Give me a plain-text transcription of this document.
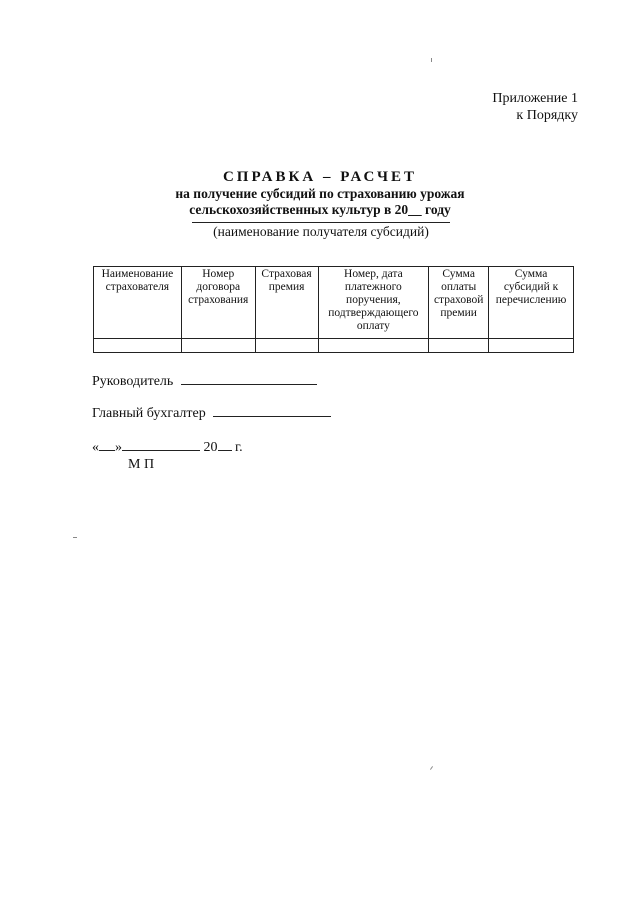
Приложение 1
к Порядку
СПРАВКА – РАСЧЕТ
на получение субсидий по страхованию урожая
сельскохозяйственных культур в 20__ году
(наименование получателя субсидий)
Наименование страхователя	Номер договора страхования	Страховая премия	Номер, дата платежного поручения, подтверждающего оплату	Сумма оплаты страховой премии	Сумма субсидий к перечислению

Руководитель
Главный бухгалтер
« »	20 г.
М П
